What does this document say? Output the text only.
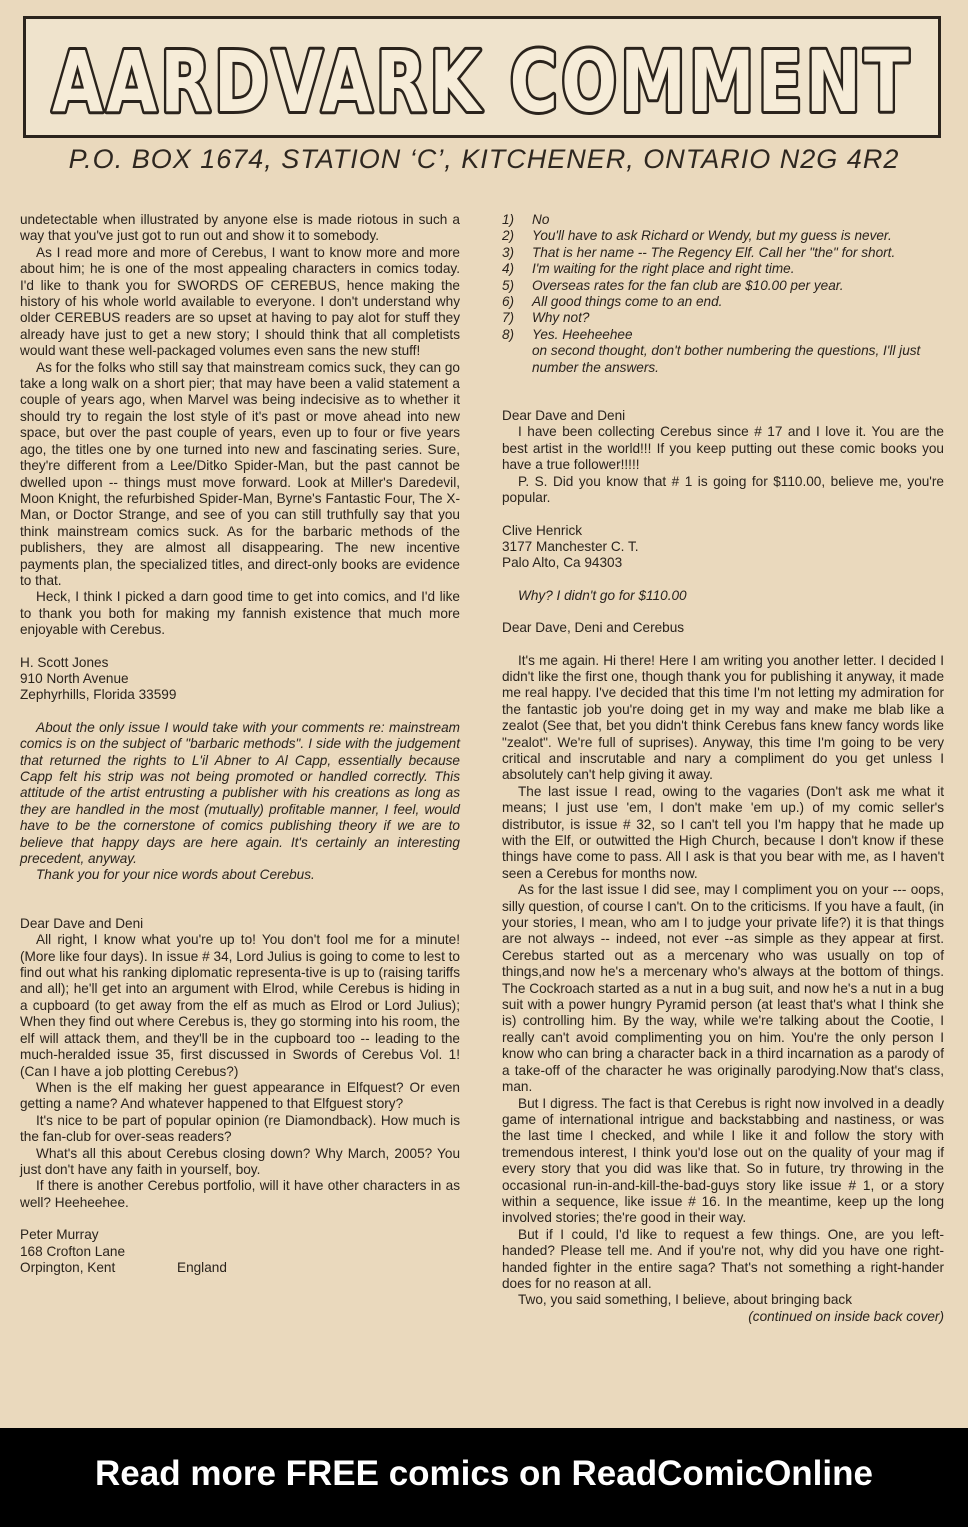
AARDVARK COMMENT
P.O. BOX 1674, STATION ‘C’, KITCHENER, ONTARIO N2G 4R2

undetectable when illustrated by anyone else is made riotous in such a way that you've just got to run out and show it to somebody.

As I read more and more of Cerebus, I want to know more and more about him; he is one of the most appealing characters in comics today. I'd like to thank you for SWORDS OF CEREBUS, hence making the history of his whole world available to everyone. I don't understand why older CEREBUS readers are so upset at having to pay alot for stuff they already have just to get a new story; I should think that all completists would want these well-packaged volumes even sans the new stuff!

As for the folks who still say that mainstream comics suck, they can go take a long walk on a short pier; that may have been a valid statement a couple of years ago, when Marvel was being indecisive as to whether it should try to regain the lost style of it's past or move ahead into new space, but over the past couple of years, even up to four or five years ago, the titles one by one turned into new and fascinating series. Sure, they're different from a Lee/Ditko Spider-Man, but the past cannot be dwelled upon -- things must move forward. Look at Miller's Daredevil, Moon Knight, the refurbished Spider-Man, Byrne's Fantastic Four, The X-Man, or Doctor Strange, and see of you can still truthfully say that you think mainstream comics suck. As for the barbaric methods of the publishers, they are almost all disappearing. The new incentive payments plan, the specialized titles, and direct-only books are evidence to that.

Heck, I think I picked a darn good time to get into comics, and I'd like to thank you both for making my fannish existence that much more enjoyable with Cerebus.

H. Scott Jones

910 North Avenue

Zephyrhills, Florida 33599

About the only issue I would take with your comments re: mainstream comics is on the subject of "barbaric methods". I side with the judgement that returned the rights to L'il Abner to Al Capp, essentially because Capp felt his strip was not being promoted or handled correctly. This attitude of the artist entrusting a publisher with his creations as long as they are handled in the most (mutually) profitable manner, I feel, would have to be the cornerstone of comics publishing theory if we are to believe that happy days are here again. It's certainly an interesting precedent, anyway.

Thank you for your nice words about Cerebus.

Dear Dave and Deni

All right, I know what you're up to! You don't fool me for a minute! (More like four days). In issue # 34, Lord Julius is going to come to lest to find out what his ranking diplomatic representa-tive is up to (raising tariffs and all); he'll get into an argument with Elrod, while Cerebus is hiding in a cupboard (to get away from the elf as much as Elrod or Lord Julius); When they find out where Cerebus is, they go storming into his room, the elf will attack them, and they'll be in the cupboard too -- leading to the much-heralded issue 35, first discussed in Swords of Cerebus Vol. 1! (Can I have a job plotting Cerebus?)

When is the elf making her guest appearance in Elfquest? Or even getting a name? And whatever happened to that Elfguest story?

It's nice to be part of popular opinion (re Diamondback). How much is the fan-club for over-seas readers?

What's all this about Cerebus closing down? Why March, 2005? You just don't have any faith in yourself, boy.

If there is another Cerebus portfolio, will it have other characters in as well? Heeheehee.

Peter Murray

168 Crofton Lane

Orpington, Kent	England
1)	No
2)	You'll have to ask Richard or Wendy, but my guess is never.
3)	That is her name -- The Regency Elf. Call her "the" for short.
4)	I'm waiting for the right place and right time.
5)	Overseas rates for the fan club are $10.00 per year.
6)	All good things come to an end.
7)	Why not?
8)	Yes. Heeheehee
on second thought, don't bother numbering the questions, I'll just number the answers.

Dear Dave and Deni

I have been collecting Cerebus since # 17 and I love it. You are the best artist in the world!!! If you keep putting out these comic books you have a true follower!!!!!

P. S. Did you know that # 1 is going for $110.00, believe me, you're popular.

Clive Henrick

3177 Manchester C. T.

Palo Alto, Ca 94303

Why? I didn't go for $110.00

Dear Dave, Deni and Cerebus

It's me again. Hi there! Here I am writing you another letter. I decided I didn't like the first one, though thank you for publishing it anyway, it made me real happy. I've decided that this time I'm not letting my admiration for the fantastic job you're doing get in my way and make me blab like a zealot (See that, bet you didn't think Cerebus fans knew fancy words like "zealot". We're full of suprises). Anyway, this time I'm going to be very critical and inscrutable and nary a compliment do you get unless I absolutely can't help giving it away.

The last issue I read, owing to the vagaries (Don't ask me what it means; I just use 'em, I don't make 'em up.) of my comic seller's distributor, is issue # 32, so I can't tell you I'm happy that he made up with the Elf, or outwitted the High Church, because I don't know if these things have come to pass. All I ask is that you bear with me, as I haven't seen a Cerebus for months now.

As for the last issue I did see, may I compliment you on your --- oops, silly question, of course I can't. On to the criticisms. If you have a fault, (in your stories, I mean, who am I to judge your private life?) it is that things are not always -- indeed, not ever --as simple as they appear at first. Cerebus started out as a mercenary who was usually on top of things,and now he's a mercenary who's always at the bottom of things. The Cockroach started as a nut in a bug suit, and now he's a nut in a bug suit with a power hungry Pyramid person (at least that's what I think she is) controlling him. By the way, while we're talking about the Cootie, I really can't avoid complimenting you on him. You're the only person I know who can bring a character back in a third incarnation as a parody of a take-off of the character he was originally parodying.Now that's class, man.

But I digress. The fact is that Cerebus is right now involved in a deadly game of international intrigue and backstabbing and nastiness, or was the last time I checked, and while I like it and follow the story with tremendous interest, I think you'd lose out on the quality of your mag if every story that you did was like that. So in future, try throwing in the occasional run-in-and-kill-the-bad-guys story like issue # 1, or a story within a sequence, like issue # 16. In the meantime, keep up the long involved stories; the're good in their way.

But if I could, I'd like to request a few things. One, are you left-handed? Please tell me. And if you're not, why did you have one right-handed fighter in the entire saga? That's not something a right-hander does for no reason at all.

Two, you said something, I believe, about bringing back

(continued on inside back cover)

Read more FREE comics on ReadComicOnline
